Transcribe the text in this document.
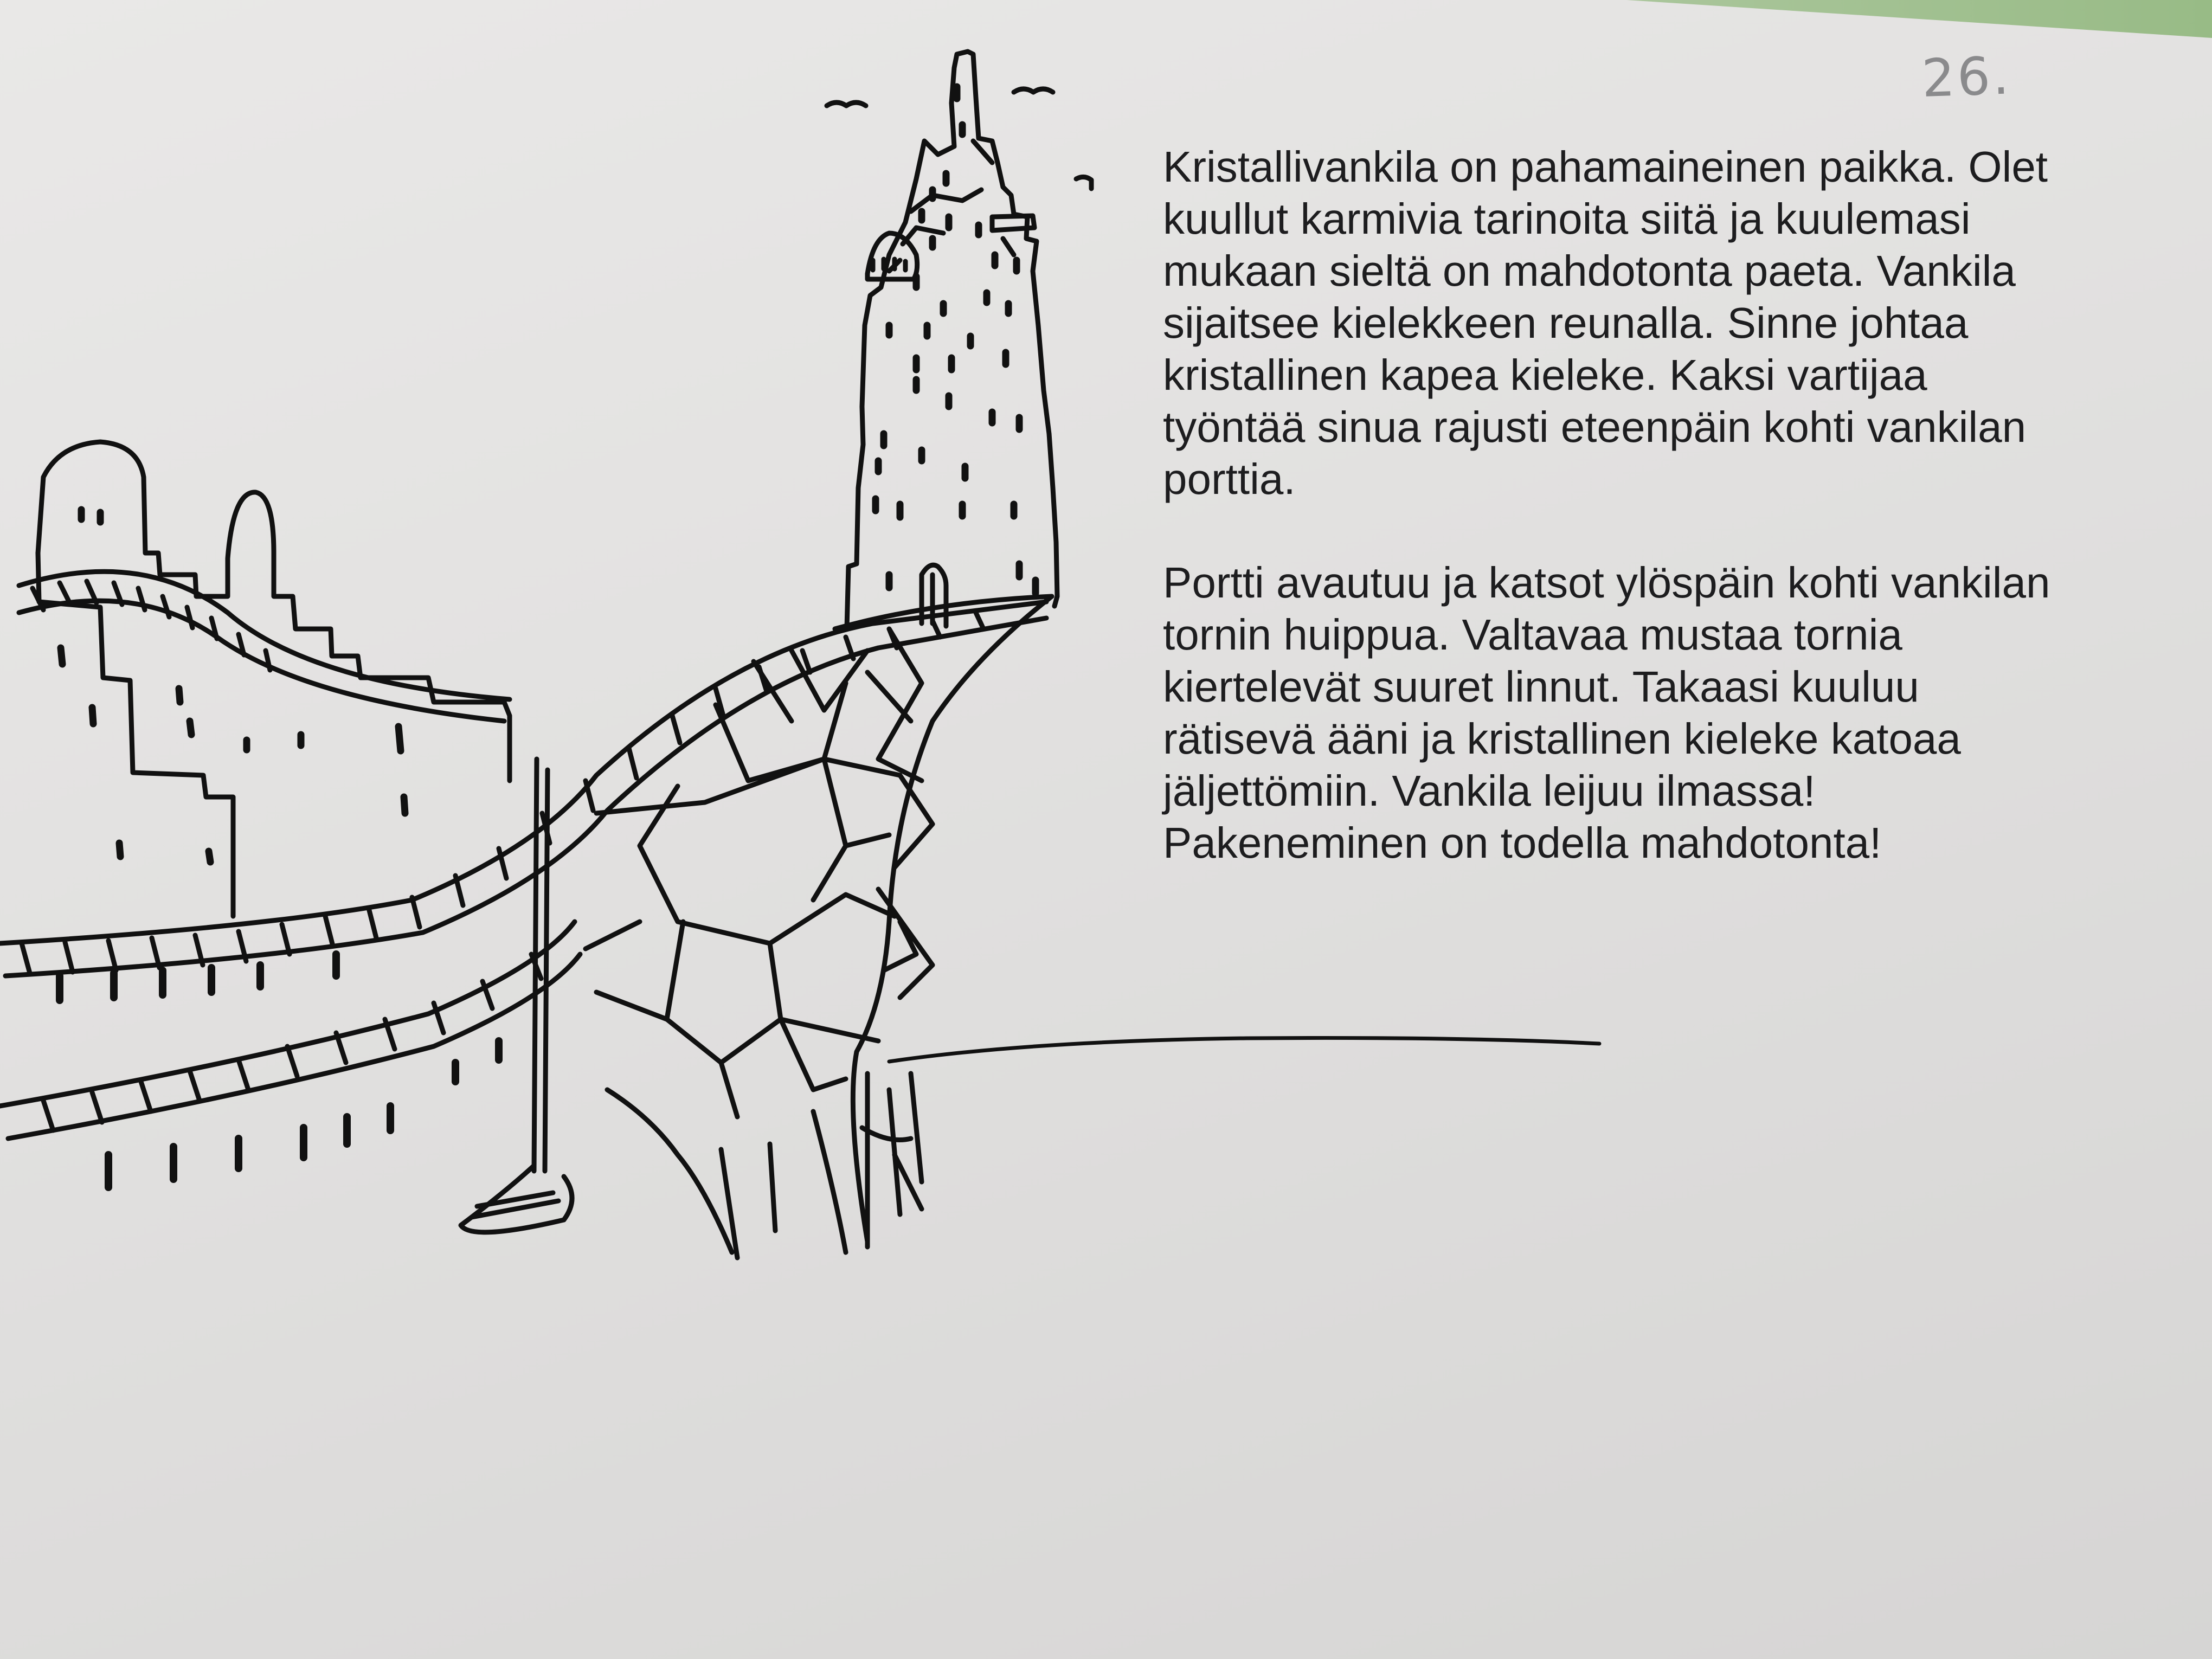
26.

Kristallivankila on pahamaineinen paikka. Olet
kuullut karmivia tarinoita siitä ja kuulemasi
mukaan sieltä on mahdotonta paeta. Vankila
sijaitsee kielekkeen reunalla. Sinne johtaa
kristallinen kapea kieleke. Kaksi vartijaa
työntää sinua rajusti eteenpäin kohti vankilan
porttia.

Portti avautuu ja katsot ylöspäin kohti vankilan
tornin huippua. Valtavaa mustaa tornia
kiertelevät suuret linnut. Takaasi kuuluu
rätisevä ääni ja kristallinen kieleke katoaa
jäljettömiin. Vankila leijuu ilmassa!
Pakeneminen on todella mahdotonta!
